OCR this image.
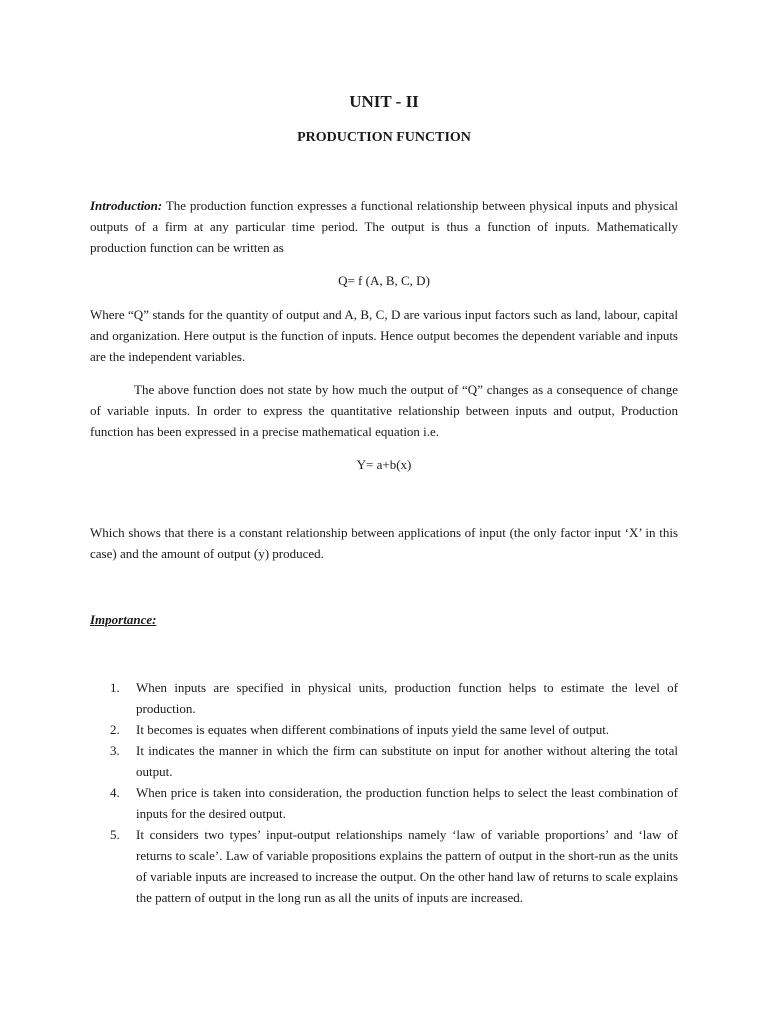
UNIT - II
PRODUCTION FUNCTION

Introduction: The production function expresses a functional relationship between physical inputs and physical outputs of a firm at any particular time period. The output is thus a function of inputs. Mathematically production function can be written as

Q= f (A, B, C, D)

Where “Q” stands for the quantity of output and A, B, C, D are various input factors such as land, labour, capital and organization. Here output is the function of inputs. Hence output becomes the dependent variable and inputs are the independent variables.

The above function does not state by how much the output of “Q” changes as a consequence of change of variable inputs. In order to express the quantitative relationship between inputs and output, Production function has been expressed in a precise mathematical equation i.e.

Y= a+b(x)

Which shows that there is a constant relationship between applications of input (the only factor input ‘X’ in this case) and the amount of output (y) produced.

Importance:
1. When inputs are specified in physical units, production function helps to estimate the level of production.
2. It becomes is equates when different combinations of inputs yield the same level of output.
3. It indicates the manner in which the firm can substitute on input for another without altering the total output.
4. When price is taken into consideration, the production function helps to select the least combination of inputs for the desired output.
5. It considers two types’ input-output relationships namely ‘law of variable proportions’ and ‘law of returns to scale’. Law of variable propositions explains the pattern of output in the short-run as the units of variable inputs are increased to increase the output. On the other hand law of returns to scale explains the pattern of output in the long run as all the units of inputs are increased.
